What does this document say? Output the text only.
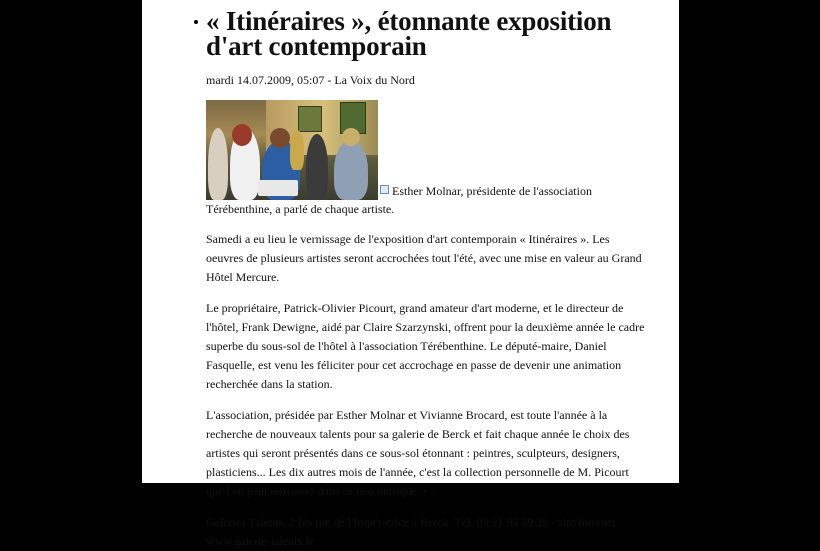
« Itinéraires », étonnante exposition d'art contemporain
mardi 14.07.2009, 05:07 - La Voix du Nord
Esther Molnar, présidente de l'association Térébenthine, a parlé de chaque artiste.

Samedi a eu lieu le vernissage de l'exposition d'art contemporain « Itinéraires ». Les oeuvres de plusieurs artistes seront accrochées tout l'été, avec une mise en valeur au Grand Hôtel Mercure.

Le propriétaire, Patrick-Olivier Picourt, grand amateur d'art moderne, et le directeur de l'hôtel, Frank Dewigne, aidé par Claire Szarzynski, offrent pour la deuxième année le cadre superbe du sous-sol de l'hôtel à l'association Térébenthine. Le député-maire, Daniel Fasquelle, est venu les féliciter pour cet accrochage en passe de devenir une animation recherchée dans la station.

L'association, présidée par Esther Molnar et Vivianne Brocard, est toute l'année à la recherche de nouveaux talents pour sa galerie de Berck et fait chaque année le choix des artistes qui seront présentés dans ce sous-sol étonnant : peintres, sculpteurs, designers, plasticiens... Les dix autres mois de l'année, c'est la collection personnelle de M. Picourt que l'on peut retrouver dans ce lieu onirique. • >

Galeries Talents, 2 bis rue de l'Impératrice à Berck. Tél. 03 21 94 59 28 - site Internet www.galerie-talents.fr
